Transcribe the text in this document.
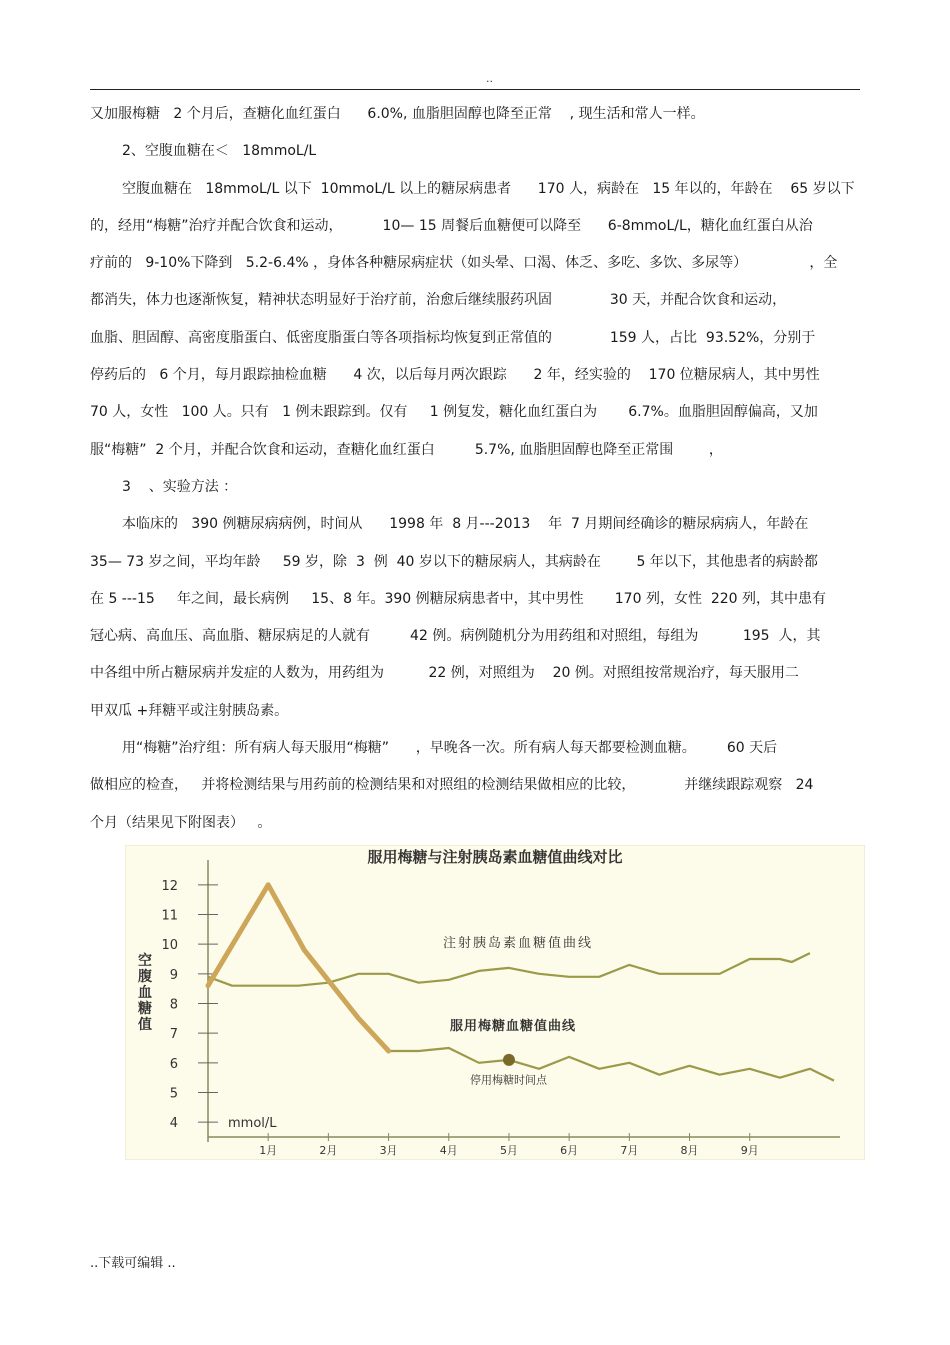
..

又加服梅糖   2 个月后，查糖化血红蛋白      6.0%, 血脂胆固醇也降至正常    , 现生活和常人一样。

2、空腹血糖在＜   18mmoL/L

空腹血糖在   18mmoL/L 以下  10mmoL/L 以上的糖尿病患者      170 人，病龄在   15 年以的，年龄在    65 岁以下

的，经用“梅糖”治疗并配合饮食和运动，         10— 15 周餐后血糖便可以降至      6-8mmoL/L，糖化血红蛋白从治

疗前的   9-10%下降到   5.2-6.4% ，身体各种糖尿病症状（如头晕、口渴、体乏、多吃、多饮、多尿等）              ，全

都消失，体力也逐渐恢复，精神状态明显好于治疗前，治愈后继续服药巩固             30 天，并配合饮食和运动，

血脂、胆固醇、高密度脂蛋白、低密度脂蛋白等各项指标均恢复到正常值的             159 人，占比  93.52%，分别于

停药后的   6 个月，每月跟踪抽检血糖      4 次，以后每月两次跟踪      2 年，经实验的    170 位糖尿病人，其中男性

70 人，女性   100 人。只有   1 例未跟踪到。仅有     1 例复发，糖化血红蛋白为       6.7%。血脂胆固醇偏高，又加

服“梅糖”  2 个月，并配合饮食和运动，查糖化血红蛋白         5.7%, 血脂胆固醇也降至正常围        ，

3    、实验方法 ：

本临床的   390 例糖尿病病例，时间从      1998 年  8 月---2013    年  7 月期间经确诊的糖尿病病人，年龄在

35— 73 岁之间，平均年龄     59 岁，除  3  例  40 岁以下的糖尿病人，其病龄在        5 年以下，其他患者的病龄都

在 5 ---15     年之间，最长病例     15、8 年。390 例糖尿病患者中，其中男性       170 列，女性  220 列，其中患有

冠心病、高血压、高血脂、糖尿病足的人就有         42 例。病例随机分为用药组和对照组，每组为          195  人，其

中各组中所占糖尿病并发症的人数为，用药组为          22 例，对照组为    20 例。对照组按常规治疗，每天服用二

甲双瓜 +拜糖平或注射胰岛素。

用“梅糖”治疗组：所有病人每天服用“梅糖”      ，早晚各一次。所有病人每天都要检测血糖。       60 天后

做相应的检查，   并将检测结果与用药前的检测结果和对照组的检测结果做相应的比较，           并继续跟踪观察   24

个月（结果见下附图表）   。

服用梅糖与注射胰岛素血糖值曲线对比
4
5
6
7
8
9
10
11
12
空
腹
血
糖
值
mmol/L
1月	2月	3月	4月	5月	6月	7月	8月	9月
注射胰岛素血糖值曲线
服用梅糖血糖值曲线
停用梅糖时间点
..下载可编辑 ..
